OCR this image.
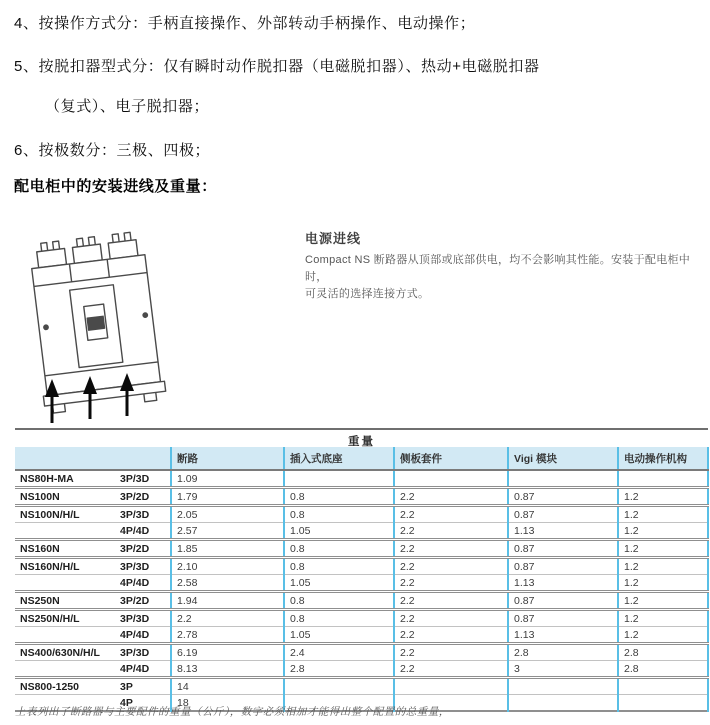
4、按操作方式分：手柄直接操作、外部转动手柄操作、电动操作；
5、按脱扣器型式分：仅有瞬时动作脱扣器（电磁脱扣器）、热动+电磁脱扣器
（复式）、电子脱扣器；
6、按极数分：三极、四极；
配电柜中的安装进线及重量：
电源进线
Compact NS 断路器从顶部或底部供电，均不会影响其性能。安装于配电柜中时，
可灵活的选择连接方式。
重量
		断路	插入式底座	侧板套件	Vigi 模块	电动操作机构
NS80H-MA	3P/3D	1.09				
NS100N	3P/2D	1.79	0.8	2.2	0.87	1.2
NS100N/H/L	3P/3D	2.05	0.8	2.2	0.87	1.2
	4P/4D	2.57	1.05	2.2	1.13	1.2
NS160N	3P/2D	1.85	0.8	2.2	0.87	1.2
NS160N/H/L	3P/3D	2.10	0.8	2.2	0.87	1.2
	4P/4D	2.58	1.05	2.2	1.13	1.2
NS250N	3P/2D	1.94	0.8	2.2	0.87	1.2
NS250N/H/L	3P/3D	2.2	0.8	2.2	0.87	1.2
	4P/4D	2.78	1.05	2.2	1.13	1.2
NS400/630N/H/L	3P/3D	6.19	2.4	2.2	2.8	2.8
	4P/4D	8.13	2.8	2.2	3	2.8
NS800-1250	3P	14				
	4P	18				
上表列出了断路器与主要配件的重量（公斤），数字必须相加才能得出整个配置的总重量，
